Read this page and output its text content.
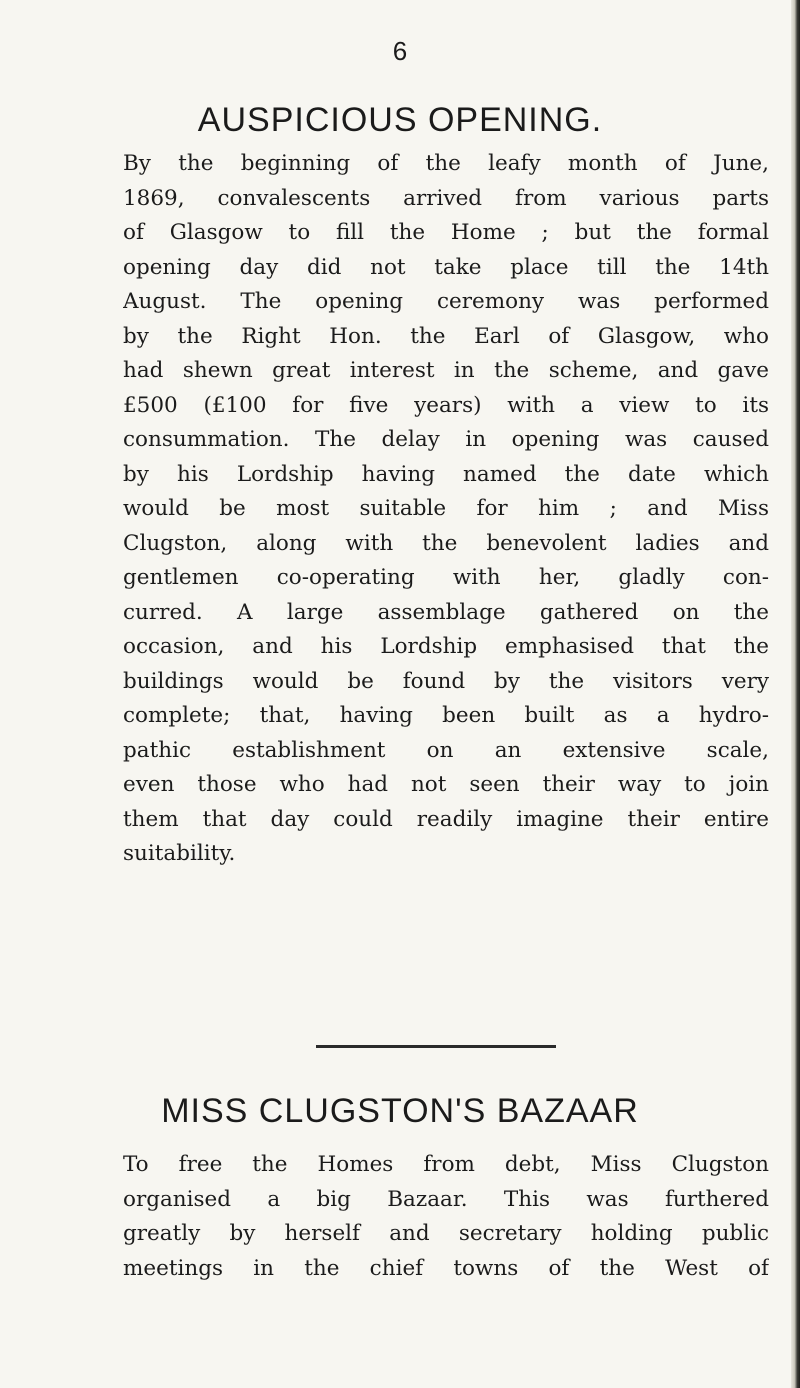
6
AUSPICIOUS OPENING.
By the beginning of the leafy month of June,
1869, convalescents arrived from various parts
of Glasgow to fill the Home ; but the formal
opening day did not take place till the 14th
August. The opening ceremony was performed
by the Right Hon. the Earl of Glasgow, who
had shewn great interest in the scheme, and gave
£500 (£100 for five years) with a view to its
consummation. The delay in opening was caused
by his Lordship having named the date which
would be most suitable for him ; and Miss
Clugston, along with the benevolent ladies and
gentlemen co-operating with her, gladly con-
curred. A large assemblage gathered on the
occasion, and his Lordship emphasised that the
buildings would be found by the visitors very
complete; that, having been built as a hydro-
pathic establishment on an extensive scale,
even those who had not seen their way to join
them that day could readily imagine their entire
suitability.
MISS CLUGSTON'S BAZAAR
To free the Homes from debt, Miss Clugston
organised a big Bazaar. This was furthered
greatly by herself and secretary holding public
meetings in the chief towns of the West of
